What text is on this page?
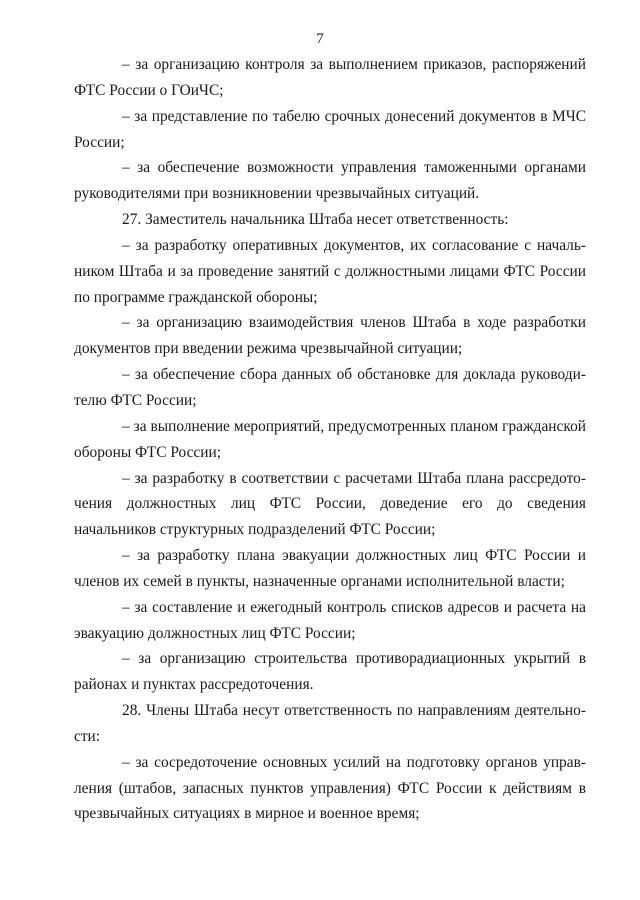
7

– за организацию контроля за выполнением приказов, распоряжений ФТС России о ГОиЧС;

– за представление по табелю срочных донесений документов в МЧС России;

– за обеспечение возможности управления таможенными органами руководителями при возникновении чрезвычайных ситуаций.

27. Заместитель начальника Штаба несет ответственность:

– за разработку оперативных документов, их согласование с начальником Штаба и за проведение занятий с должностными лицами ФТС России по программе гражданской обороны;

– за организацию взаимодействия членов Штаба в ходе разработки документов при введении режима чрезвычайной ситуации;

– за обеспечение сбора данных об обстановке для доклада руководителю ФТС России;

– за выполнение мероприятий, предусмотренных планом гражданской обороны ФТС России;

– за разработку в соответствии с расчетами Штаба плана рассредоточения должностных лиц ФТС России, доведение его до сведения начальников структурных подразделений ФТС России;

– за разработку плана эвакуации должностных лиц ФТС России и членов их семей в пункты, назначенные органами исполнительной власти;

– за составление и ежегодный контроль списков адресов и расчета на эвакуацию должностных лиц ФТС России;

– за организацию строительства противорадиационных укрытий в районах и пунктах рассредоточения.

28. Члены Штаба несут ответственность по направлениям деятельности:

– за сосредоточение основных усилий на подготовку органов управления (штабов, запасных пунктов управления) ФТС России к действиям в чрезвычайных ситуациях в мирное и военное время;
